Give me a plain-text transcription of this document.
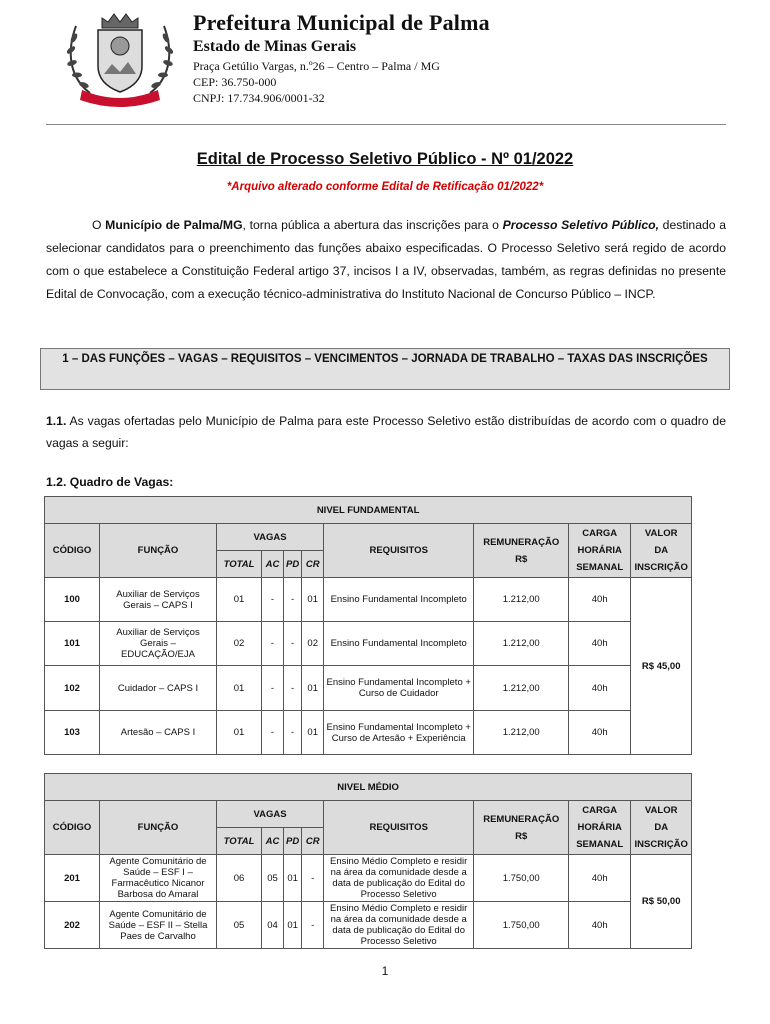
Prefeitura Municipal de Palma

Estado de Minas Gerais

Praça Getúlio Vargas, n.º26 – Centro – Palma / MG

CEP: 36.750-000

CNPJ: 17.734.906/0001-32

Edital de Processo Seletivo Público - Nº 01/2022
*Arquivo alterado conforme Edital de Retificação 01/2022*
O Município de Palma/MG, torna pública a abertura das inscrições para o Processo Seletivo Público, destinado a selecionar candidatos para o preenchimento das funções abaixo especificadas. O Processo Seletivo será regido de acordo com o que estabelece a Constituição Federal artigo 37, incisos I a IV, observadas, também, as regras definidas no presente Edital de Convocação, com a execução técnico-administrativa do Instituto Nacional de Concurso Público – INCP.
1 – DAS FUNÇÕES – VAGAS – REQUISITOS – VENCIMENTOS – JORNADA DE TRABALHO – TAXAS DAS INSCRIÇÕES
1.1. As vagas ofertadas pelo Município de Palma para este Processo Seletivo estão distribuídas de acordo com o quadro de vagas a seguir:
1.2. Quadro de Vagas:
NIVEL FUNDAMENTAL									
CÓDIGO	FUNÇÃO	VAGAS				REQUISITOS	REMUNERAÇÃO
R$	CARGA
HORÁRIA
SEMANAL	VALOR
DA
INSCRIÇÃO
		TOTAL	AC	PD	CR				
100	Auxiliar de Serviços Gerais – CAPS I	01	-	-	01	Ensino Fundamental Incompleto	1.212,00	40h	R$ 45,00
101	Auxiliar de Serviços Gerais – EDUCAÇÃO/EJA	02	-	-	02	Ensino Fundamental Incompleto	1.212,00	40h	
102	Cuidador – CAPS I	01	-	-	01	Ensino Fundamental Incompleto + Curso de Cuidador	1.212,00	40h	
103	Artesão – CAPS I	01	-	-	01	Ensino Fundamental Incompleto + Curso de Artesão + Experiência	1.212,00	40h	
NIVEL MÉDIO									
CÓDIGO	FUNÇÃO	VAGAS				REQUISITOS	REMUNERAÇÃO
R$	CARGA
HORÁRIA
SEMANAL	VALOR
DA
INSCRIÇÃO
		TOTAL	AC	PD	CR				
201	Agente Comunitário de Saúde – ESF I – Farmacêutico Nicanor Barbosa do Amaral	06	05	01	-	Ensino Médio Completo e residir na área da comunidade desde a data de publicação do Edital do Processo Seletivo	1.750,00	40h	R$ 50,00
202	Agente Comunitário de Saúde – ESF II – Stella Paes de Carvalho	05	04	01	-	Ensino Médio Completo e residir na área da comunidade desde a data de publicação do Edital do Processo Seletivo	1.750,00	40h	
1
